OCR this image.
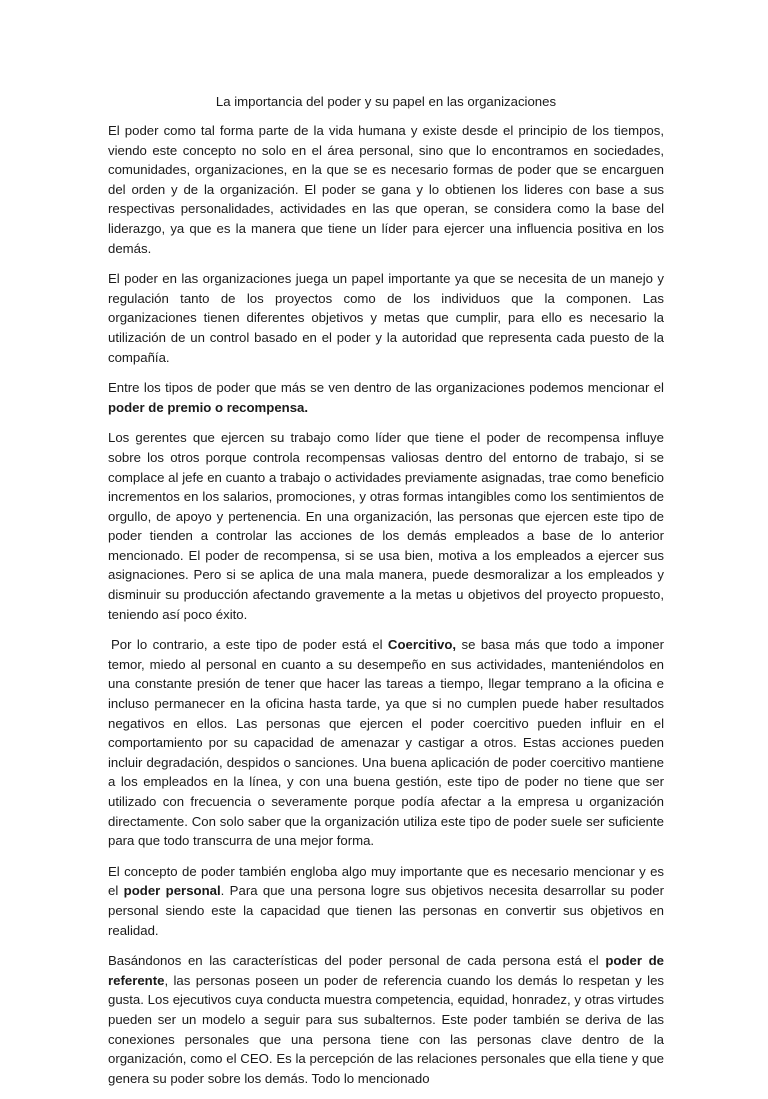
La importancia del poder y su papel en las organizaciones

El poder como tal forma parte de la vida humana y existe desde el principio de los tiempos, viendo este concepto no solo en el área personal, sino que lo encontramos en sociedades, comunidades, organizaciones, en la que se es necesario formas de poder que se encarguen del orden y de la organización. El poder se gana y lo obtienen los lideres con base a sus respectivas personalidades, actividades en las que operan, se considera como la base del liderazgo, ya que es la manera que tiene un líder para ejercer una influencia positiva en los demás.

El poder en las organizaciones juega un papel importante ya que se necesita de un manejo y regulación tanto de los proyectos como de los individuos que la componen. Las organizaciones tienen diferentes objetivos y metas que cumplir, para ello es necesario la utilización de un control basado en el poder y la autoridad que representa cada puesto de la compañía.

Entre los tipos de poder que más se ven dentro de las organizaciones podemos mencionar el poder de premio o recompensa.

Los gerentes que ejercen su trabajo como líder que tiene el poder de recompensa influye sobre los otros porque controla recompensas valiosas dentro del entorno de trabajo, si se complace al jefe en cuanto a trabajo o actividades previamente asignadas, trae como beneficio incrementos en los salarios, promociones, y otras formas intangibles como los sentimientos de orgullo, de apoyo y pertenencia. En una organización, las personas que ejercen este tipo de poder tienden a controlar las acciones de los demás empleados a base de lo anterior mencionado. El poder de recompensa, si se usa bien, motiva a los empleados a ejercer sus asignaciones. Pero si se aplica de una mala manera, puede desmoralizar a los empleados y disminuir su producción afectando gravemente a la metas u objetivos del proyecto propuesto, teniendo así poco éxito.

Por lo contrario, a este tipo de poder está el Coercitivo, se basa más que todo a imponer temor, miedo al personal en cuanto a su desempeño en sus actividades, manteniéndolos en una constante presión de tener que hacer las tareas a tiempo, llegar temprano a la oficina e incluso permanecer en la oficina hasta tarde, ya que si no cumplen puede haber resultados negativos en ellos. Las personas que ejercen el poder coercitivo pueden influir en el comportamiento por su capacidad de amenazar y castigar a otros. Estas acciones pueden incluir degradación, despidos o sanciones. Una buena aplicación de poder coercitivo mantiene a los empleados en la línea, y con una buena gestión, este tipo de poder no tiene que ser utilizado con frecuencia o severamente porque podía afectar a la empresa u organización directamente. Con solo saber que la organización utiliza este tipo de poder suele ser suficiente para que todo transcurra de una mejor forma.

El concepto de poder también engloba algo muy importante que es necesario mencionar y es el poder personal. Para que una persona logre sus objetivos necesita desarrollar su poder personal siendo este la capacidad que tienen las personas en convertir sus objetivos en realidad.

Basándonos en las características del poder personal de cada persona está el poder de referente, las personas poseen un poder de referencia cuando los demás lo respetan y les gusta. Los ejecutivos cuya conducta muestra competencia, equidad, honradez, y otras virtudes pueden ser un modelo a seguir para sus subalternos. Este poder también se deriva de las conexiones personales que una persona tiene con las personas clave dentro de la organización, como el CEO. Es la percepción de las relaciones personales que ella tiene y que genera su poder sobre los demás. Todo lo mencionado
